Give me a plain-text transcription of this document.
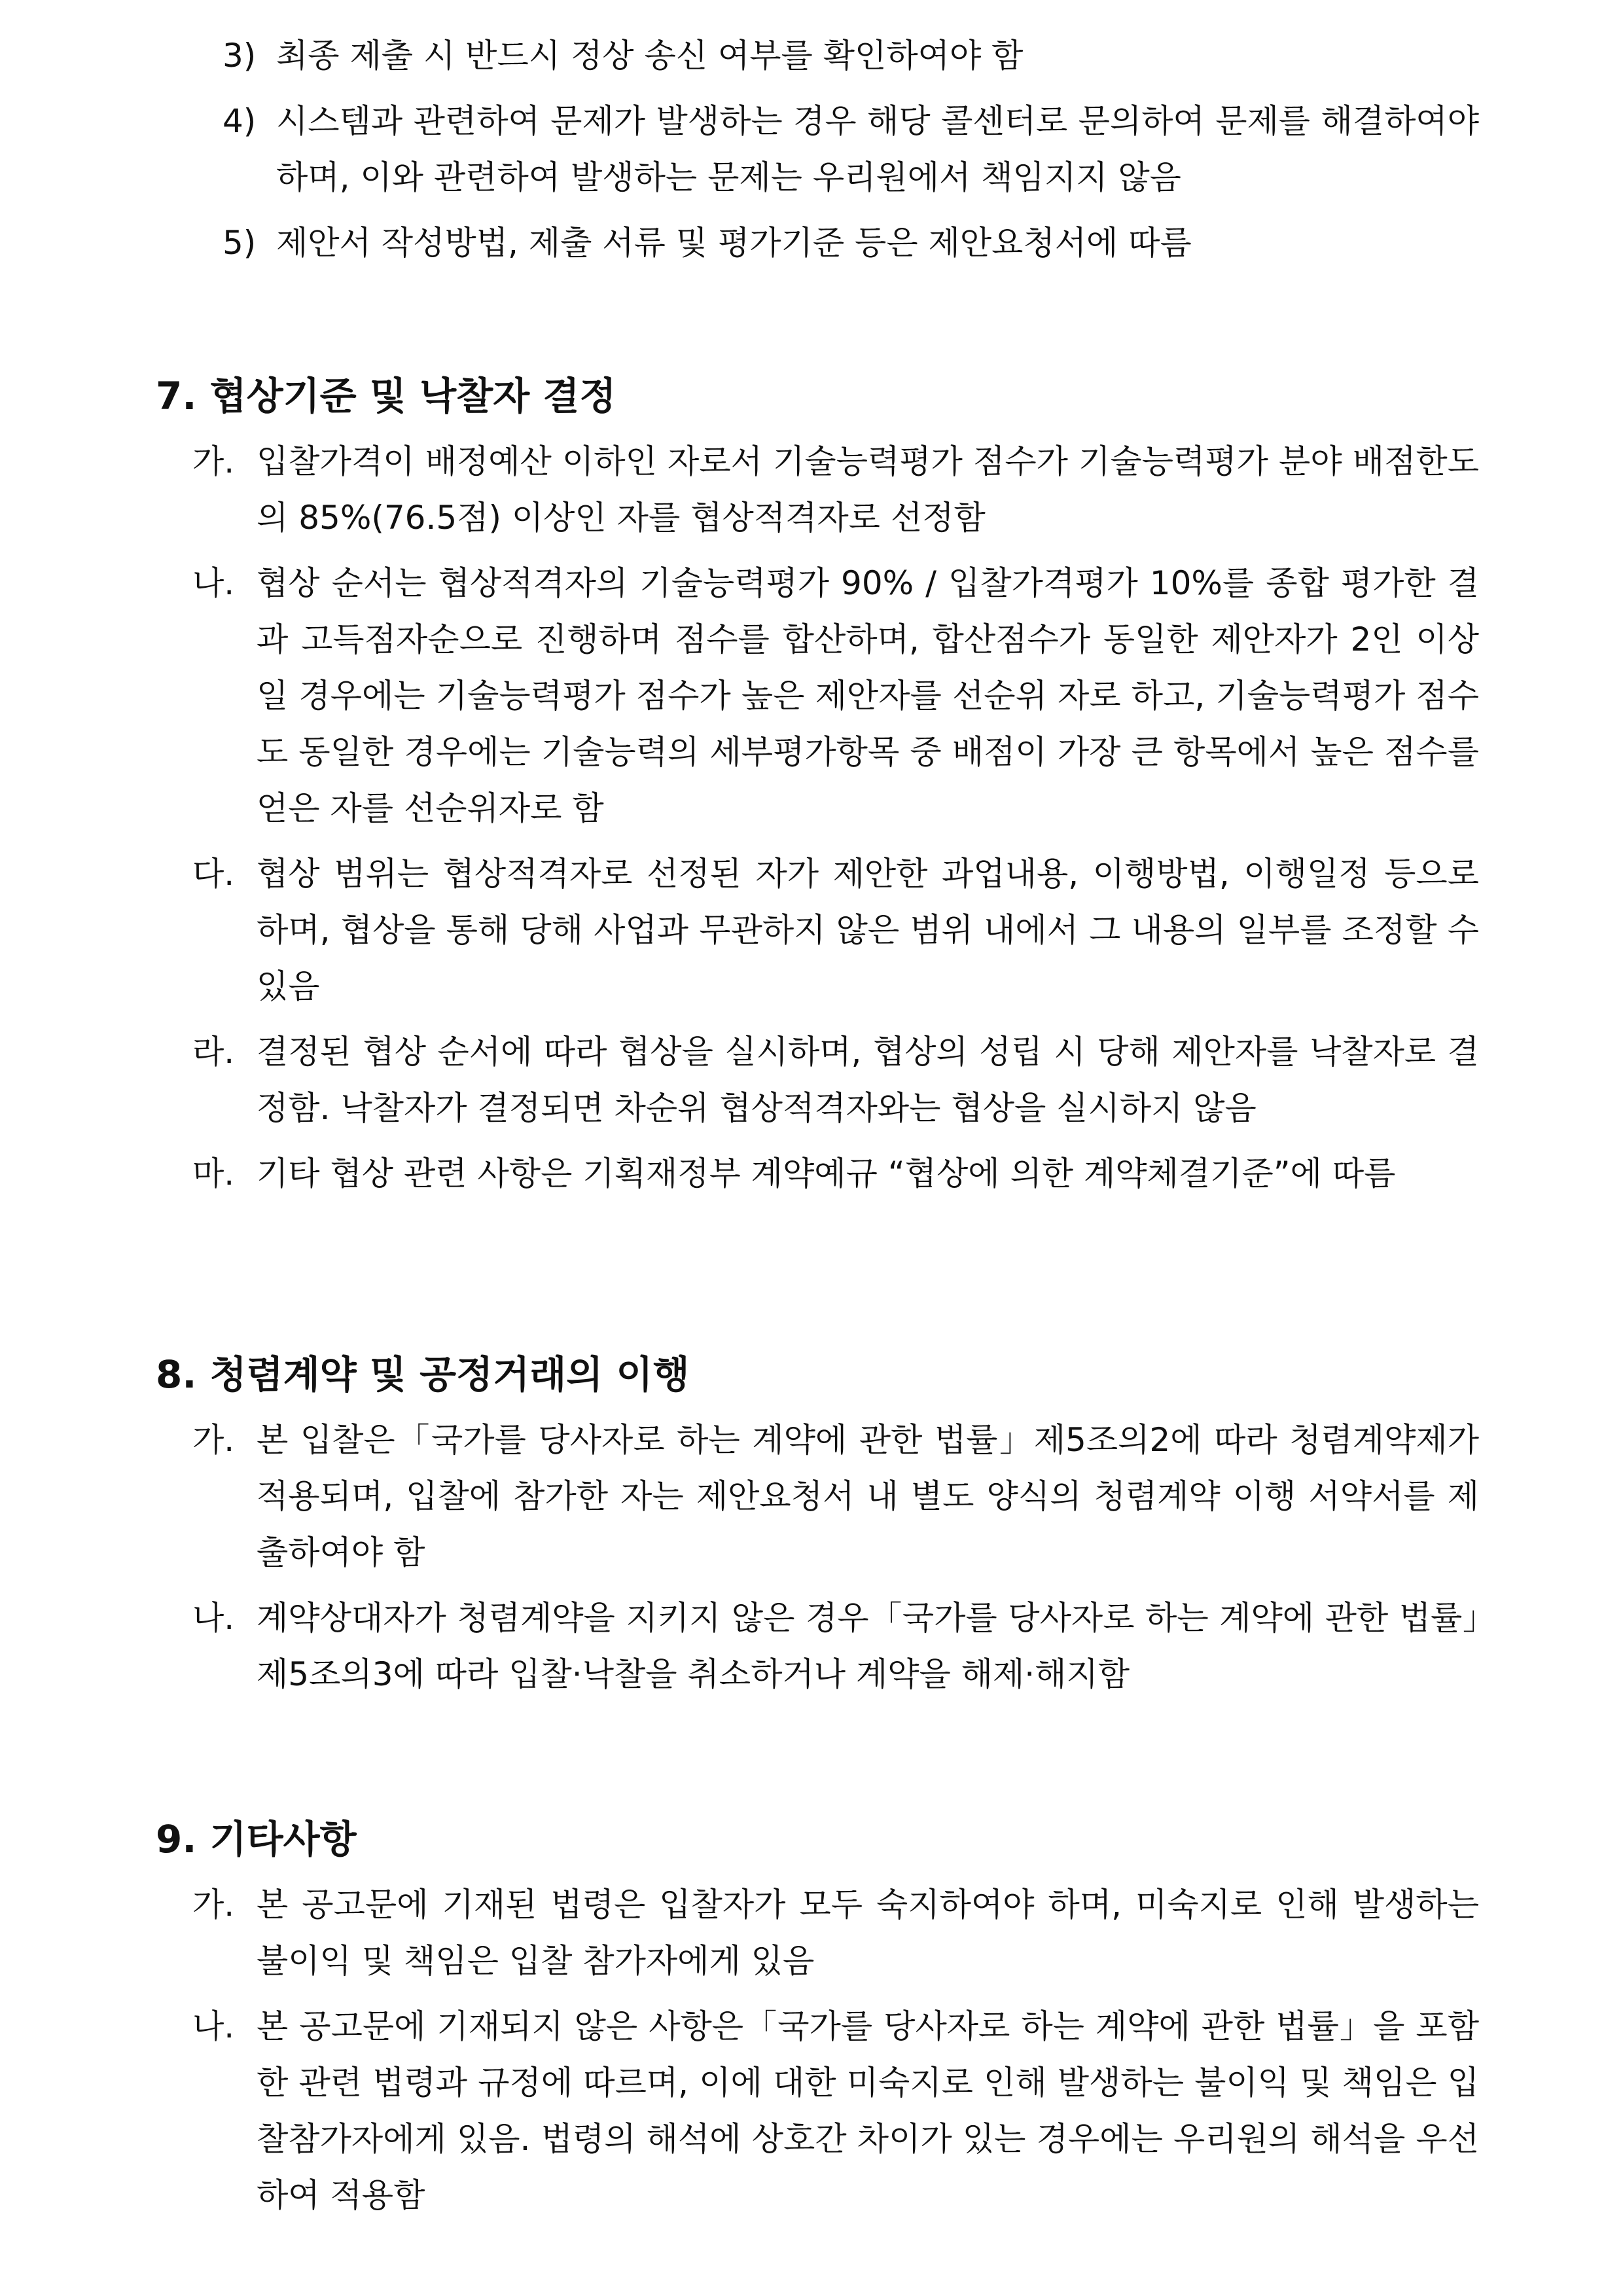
3) 최종 제출 시 반드시 정상 송신 여부를 확인하여야 함
4) 시스템과 관련하여 문제가 발생하는 경우 해당 콜센터로 문의하여 문제를 해결하여야 하며, 이와 관련하여 발생하는 문제는 우리원에서 책임지지 않음
5) 제안서 작성방법, 제출 서류 및 평가기준 등은 제안요청서에 따름
7. 협상기준 및 낙찰자 결정
가. 입찰가격이 배정예산 이하인 자로서 기술능력평가 점수가 기술능력평가 분야 배점한도의 85%(76.5점) 이상인 자를 협상적격자로 선정함
나. 협상 순서는 협상적격자의 기술능력평가 90% / 입찰가격평가 10%를 종합 평가한 결과 고득점자순으로 진행하며 점수를 합산하며, 합산점수가 동일한 제안자가 2인 이상일 경우에는 기술능력평가 점수가 높은 제안자를 선순위 자로 하고, 기술능력평가 점수도 동일한 경우에는 기술능력의 세부평가항목 중 배점이 가장 큰 항목에서 높은 점수를 얻은 자를 선순위자로 함
다. 협상 범위는 협상적격자로 선정된 자가 제안한 과업내용, 이행방법, 이행일정 등으로 하며, 협상을 통해 당해 사업과 무관하지 않은 범위 내에서 그 내용의 일부를 조정할 수 있음
라. 결정된 협상 순서에 따라 협상을 실시하며, 협상의 성립 시 당해 제안자를 낙찰자로 결정함. 낙찰자가 결정되면 차순위 협상적격자와는 협상을 실시하지 않음
마. 기타 협상 관련 사항은 기획재정부 계약예규 “협상에 의한 계약체결기준”에 따름
8. 청렴계약 및 공정거래의 이행
가. 본 입찰은「국가를 당사자로 하는 계약에 관한 법률」제5조의2에 따라 청렴계약제가 적용되며, 입찰에 참가한 자는 제안요청서 내 별도 양식의 청렴계약 이행 서약서를 제출하여야 함
나. 계약상대자가 청렴계약을 지키지 않은 경우「국가를 당사자로 하는 계약에 관한 법률」제5조의3에 따라 입찰·낙찰을 취소하거나 계약을 해제·해지함
9. 기타사항
가. 본 공고문에 기재된 법령은 입찰자가 모두 숙지하여야 하며, 미숙지로 인해 발생하는 불이익 및 책임은 입찰 참가자에게 있음
나. 본 공고문에 기재되지 않은 사항은「국가를 당사자로 하는 계약에 관한 법률」을 포함한 관련 법령과 규정에 따르며, 이에 대한 미숙지로 인해 발생하는 불이익 및 책임은 입찰참가자에게 있음. 법령의 해석에 상호간 차이가 있는 경우에는 우리원의 해석을 우선하여 적용함
